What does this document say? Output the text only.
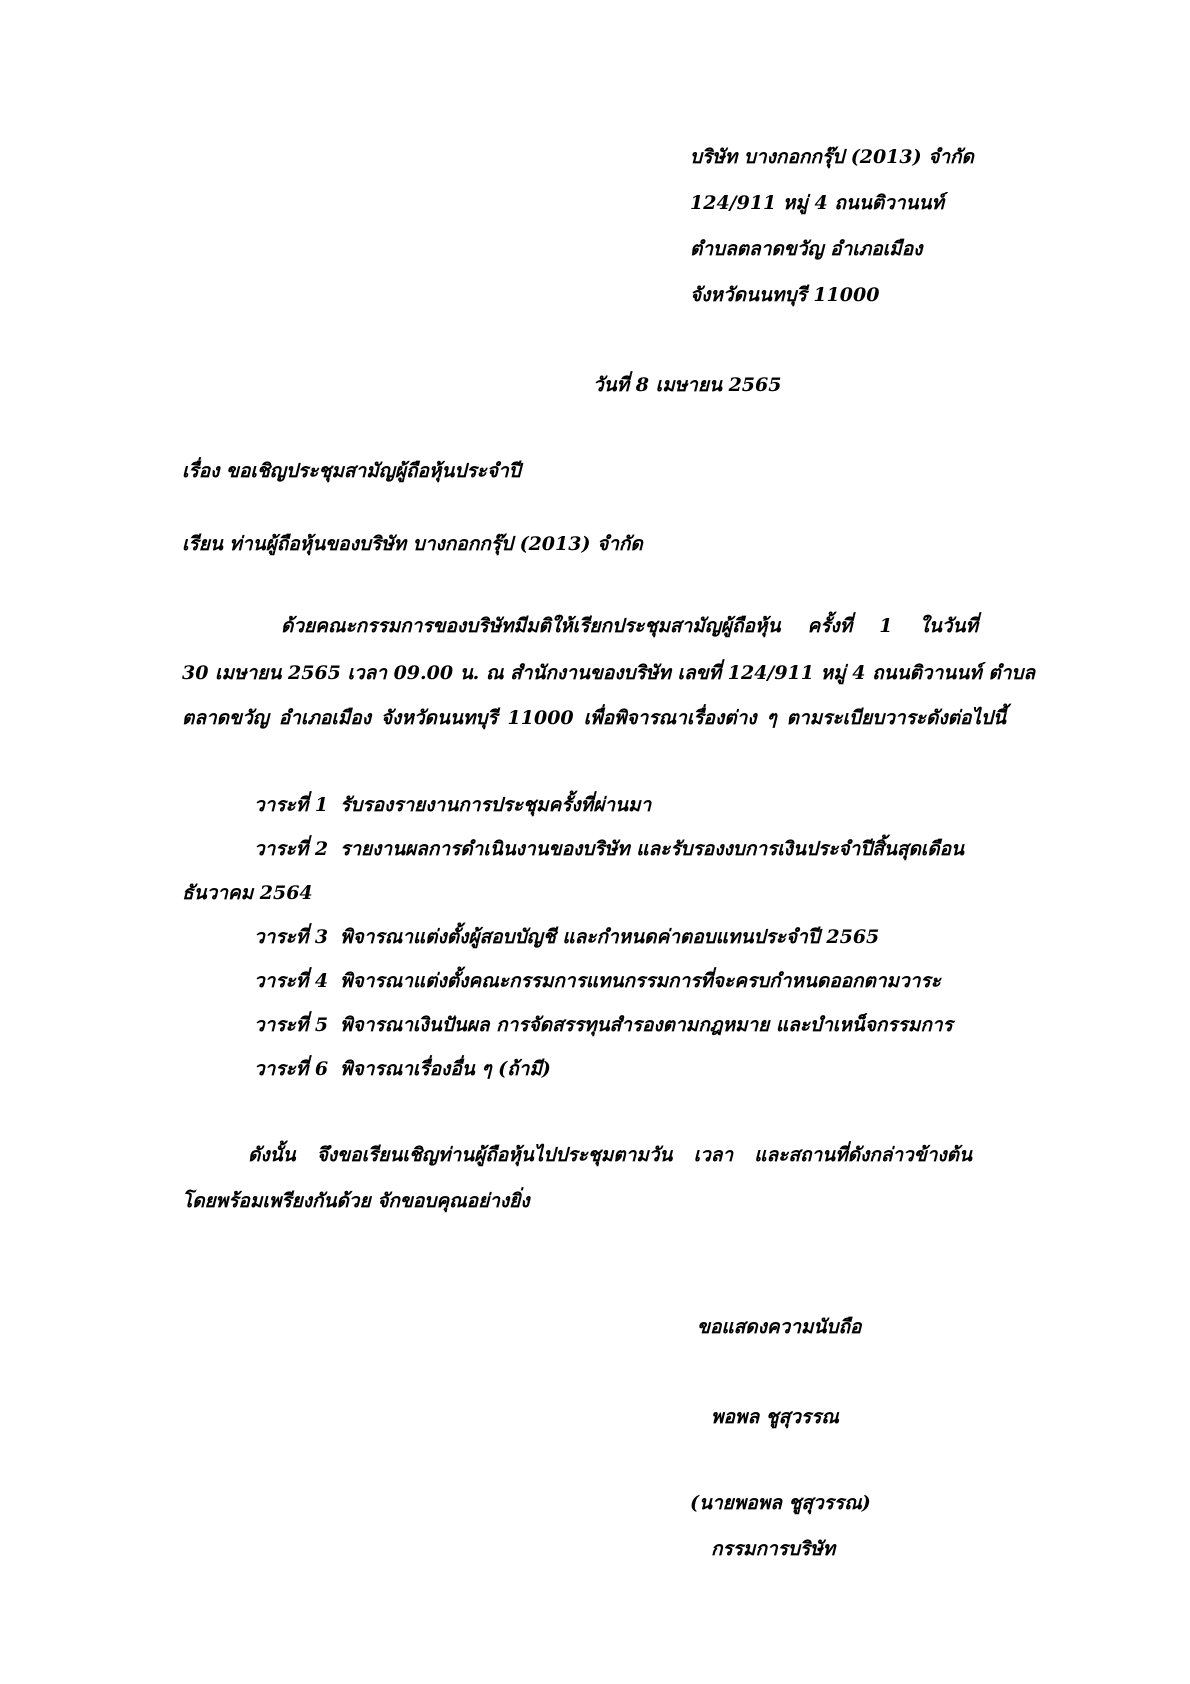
บริษัท บางกอกกรุ๊ป (2013) จำกัด
124/911 หมู่ 4 ถนนติวานนท์
ตำบลตลาดขวัญ อำเภอเมือง
จังหวัดนนทบุรี 11000
วันที่ 8 เมษายน 2565
เรื่อง ขอเชิญประชุมสามัญผู้ถือหุ้นประจำปี
เรียน ท่านผู้ถือหุ้นของบริษัท บางกอกกรุ๊ป (2013) จำกัด
ด้วยคณะกรรมการของบริษัทมีมติให้เรียกประชุมสามัญผู้ถือหุ้น ครั้งที่ 1 ในวันที่
30 เมษายน 2565 เวลา 09.00 น. ณ สำนักงานของบริษัท เลขที่ 124/911 หมู่ 4 ถนนติวานนท์ ตำบล
ตลาดขวัญ อำเภอเมือง จังหวัดนนทบุรี 11000 เพื่อพิจารณาเรื่องต่าง ๆ ตามระเบียบวาระดังต่อไปนี้
วาระที่ 1 รับรองรายงานการประชุมครั้งที่ผ่านมา
วาระที่ 2 รายงานผลการดำเนินงานของบริษัท และรับรองงบการเงินประจำปีสิ้นสุดเดือน
ธันวาคม 2564
วาระที่ 3 พิจารณาแต่งตั้งผู้สอบบัญชี และกำหนดค่าตอบแทนประจำปี 2565
วาระที่ 4 พิจารณาแต่งตั้งคณะกรรมการแทนกรรมการที่จะครบกำหนดออกตามวาระ
วาระที่ 5 พิจารณาเงินปันผล การจัดสรรทุนสำรองตามกฎหมาย และบำเหน็จกรรมการ
วาระที่ 6 พิจารณาเรื่องอื่น ๆ (ถ้ามี)
ดังนั้น จึงขอเรียนเชิญท่านผู้ถือหุ้นไปประชุมตามวัน เวลา และสถานที่ดังกล่าวข้างต้น
โดยพร้อมเพรียงกันด้วย จักขอบคุณอย่างยิ่ง
ขอแสดงความนับถือ
พอพล ชูสุวรรณ
(นายพอพล ชูสุวรรณ)
กรรมการบริษัท
